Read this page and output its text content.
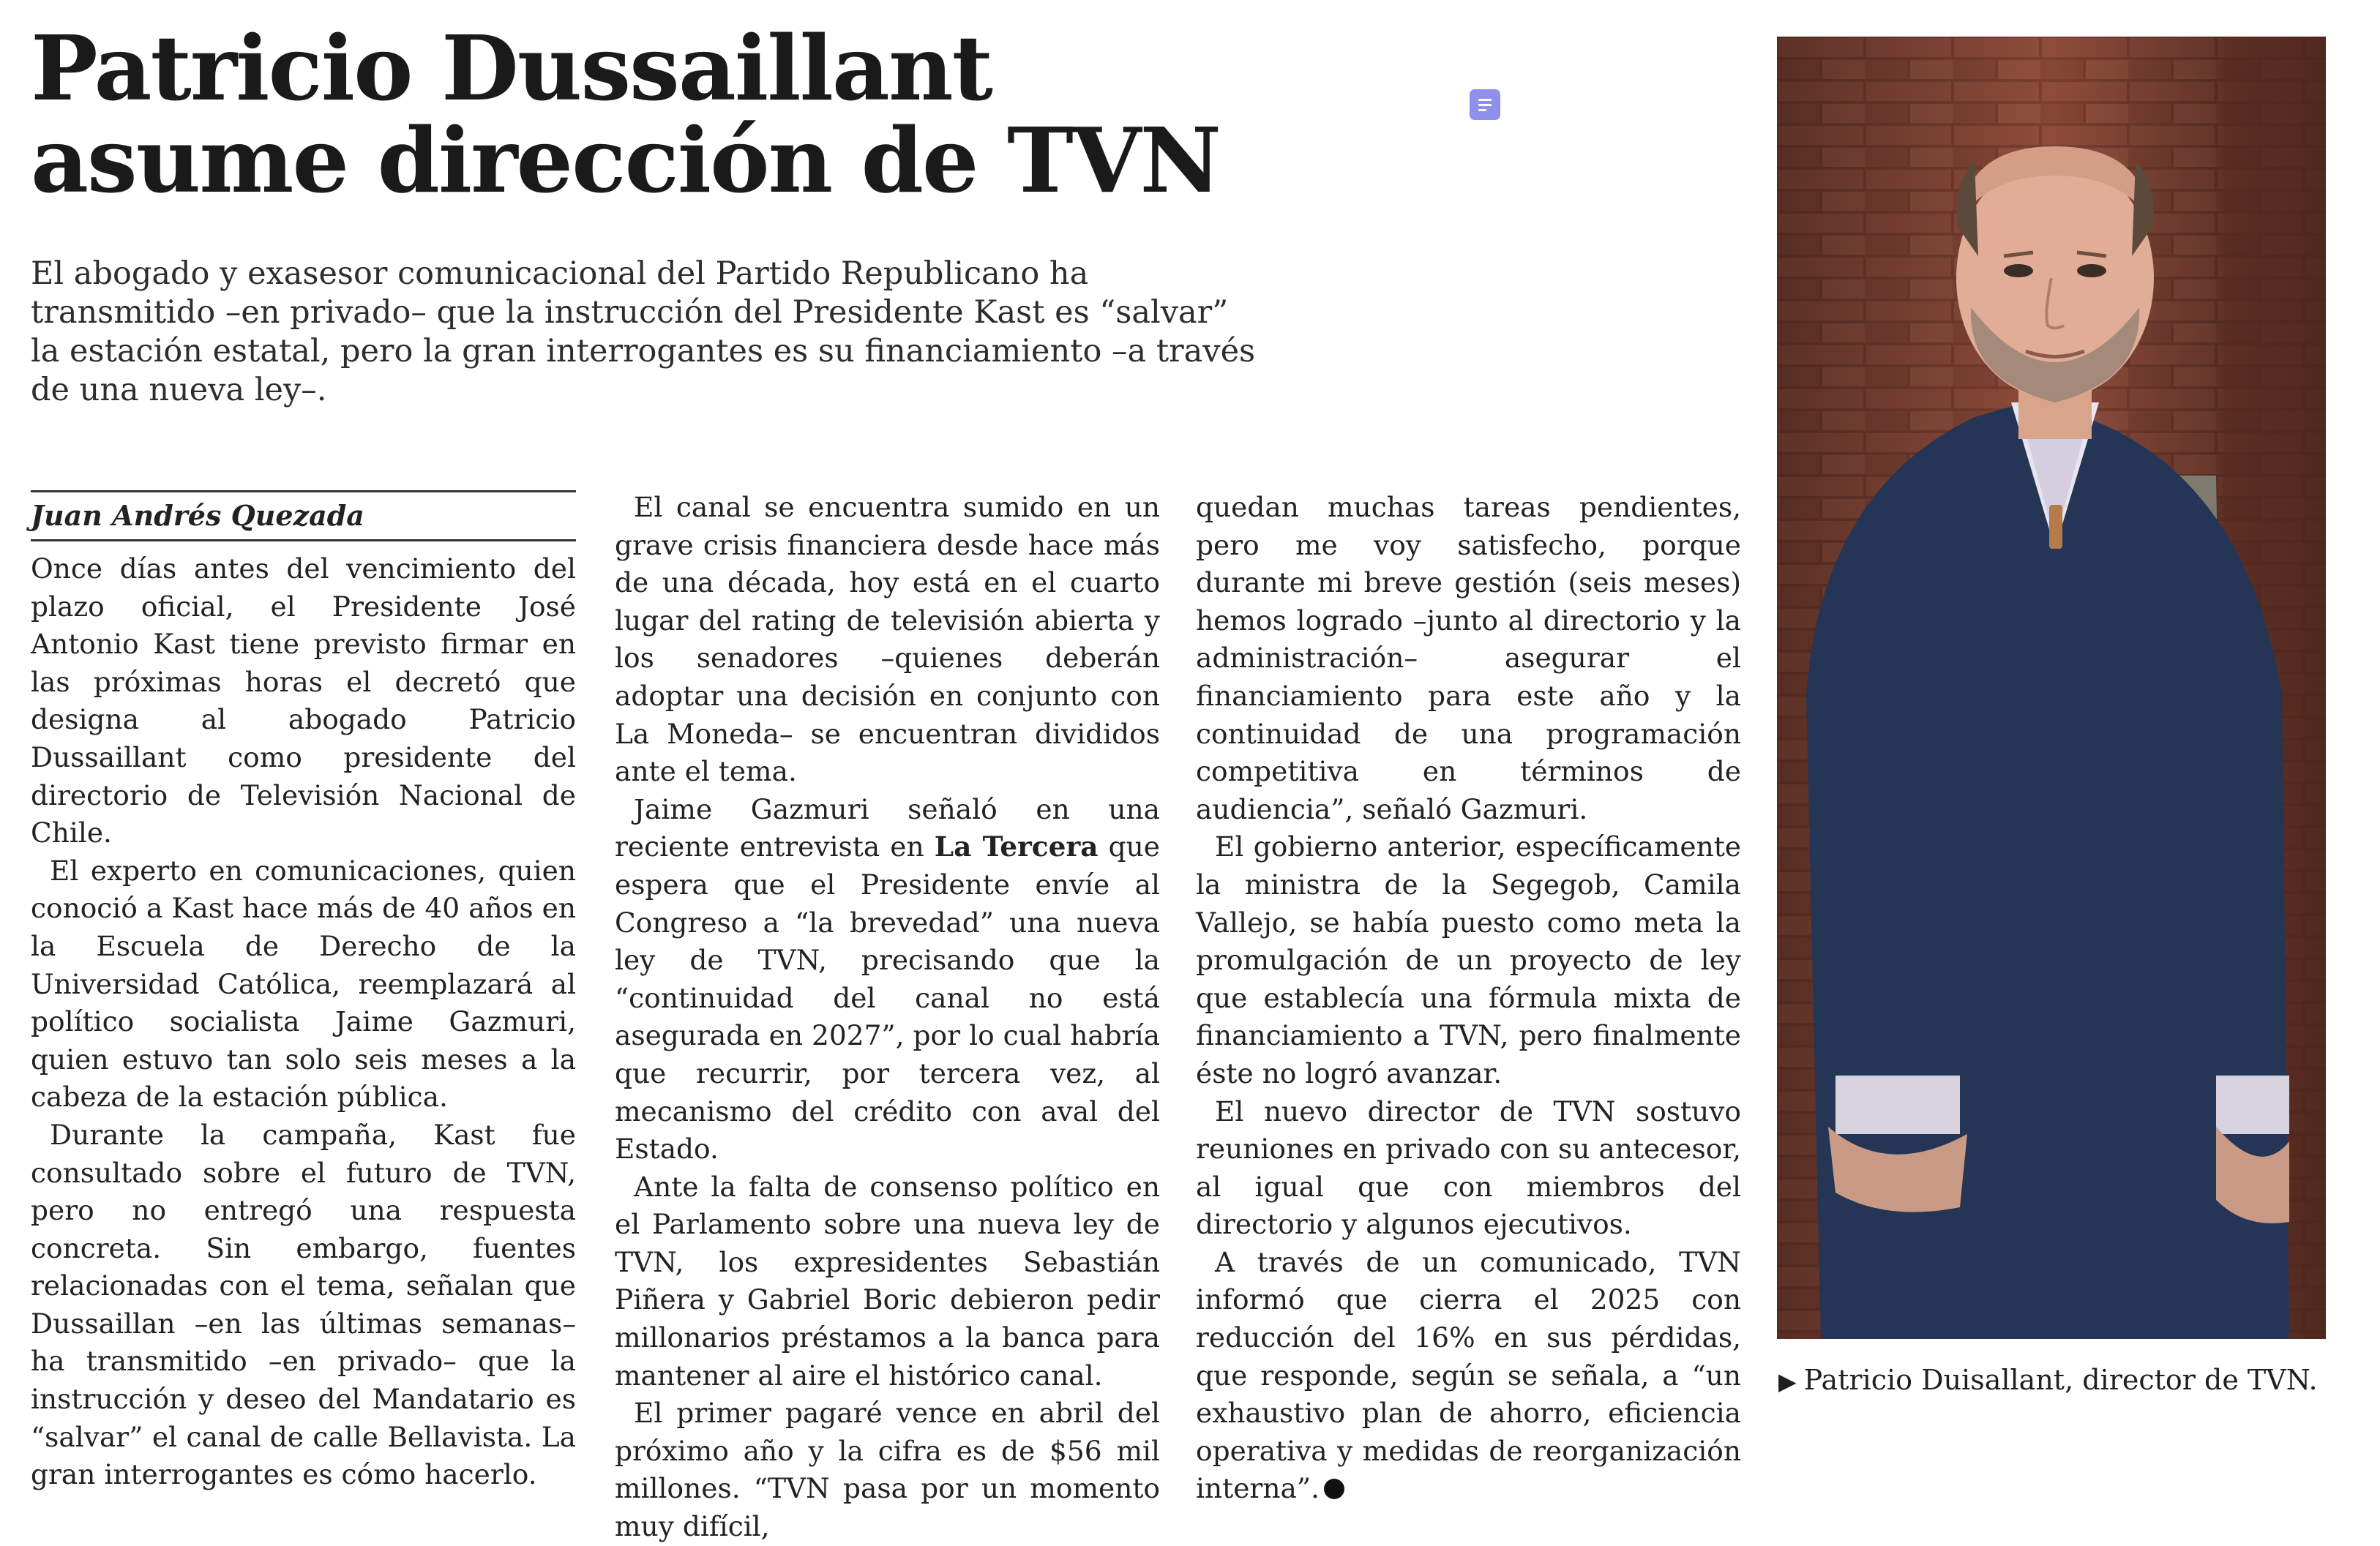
Patricio Dussaillant
asume dirección de TVN

El abogado y exasesor comunicacional del Partido Republicano ha transmitido –en privado– que la instrucción del Presidente Kast es “salvar” la estación estatal, pero la gran interrogantes es su financiamiento –a través de una nueva ley–.

Juan Andrés Quezada

Once días antes del vencimiento del plazo oficial, el Presidente José Antonio Kast tiene previsto firmar en las próximas horas el decretó que designa al abogado Patricio Dussaillant como presidente del directorio de Televisión Nacional de Chile.

El experto en comunicaciones, quien conoció a Kast hace más de 40 años en la Escuela de Derecho de la Universidad Católica, reemplazará al político socialista Jaime Gazmuri, quien estuvo tan solo seis meses a la cabeza de la estación pública.

Durante la campaña, Kast fue consultado sobre el futuro de TVN, pero no entregó una respuesta concreta. Sin embargo, fuentes relacionadas con el tema, señalan que Dussaillan –en las últimas semanas– ha transmitido –en privado– que la instrucción y deseo del Mandatario es “salvar” el canal de calle Bellavista. La gran interrogantes es cómo hacerlo.

El canal se encuentra sumido en un grave crisis financiera desde hace más de una década, hoy está en el cuarto lugar del rating de televisión abierta y los senadores –quienes deberán adoptar una decisión en conjunto con La Moneda– se encuentran divididos ante el tema.

Jaime Gazmuri señaló en una reciente entrevista en La Tercera que espera que el Presidente envíe al Congreso a “la brevedad” una nueva ley de TVN, precisando que la “continuidad del canal no está asegurada en 2027”, por lo cual habría que recurrir, por tercera vez, al mecanismo del crédito con aval del Estado.

Ante la falta de consenso político en el Parlamento sobre una nueva ley de TVN, los expresidentes Sebastián Piñera y Gabriel Boric debieron pedir millonarios préstamos a la banca para mantener al aire el histórico canal.

El primer pagaré vence en abril del próximo año y la cifra es de $56 mil millones. “TVN pasa por un momento muy difícil,

quedan muchas tareas pendientes, pero me voy satisfecho, porque durante mi breve gestión (seis meses) hemos logrado –junto al directorio y la administración– asegurar el financiamiento para este año y la continuidad de una programación competitiva en términos de audiencia”, señaló Gazmuri.

El gobierno anterior, específicamente la ministra de la Segegob, Camila Vallejo, se había puesto como meta la promulgación de un proyecto de ley que establecía una fórmula mixta de financiamiento a TVN, pero finalmente éste no logró avanzar.

El nuevo director de TVN sostuvo reuniones en privado con su antecesor, al igual que con miembros del directorio y algunos ejecutivos.

A través de un comunicado, TVN informó que cierra el 2025 con reducción del 16% en sus pérdidas, que responde, según se señala, a “un exhaustivo plan de ahorro, eficiencia operativa y medidas de reorganización interna”.

▶ Patricio Duisallant, director de TVN.
